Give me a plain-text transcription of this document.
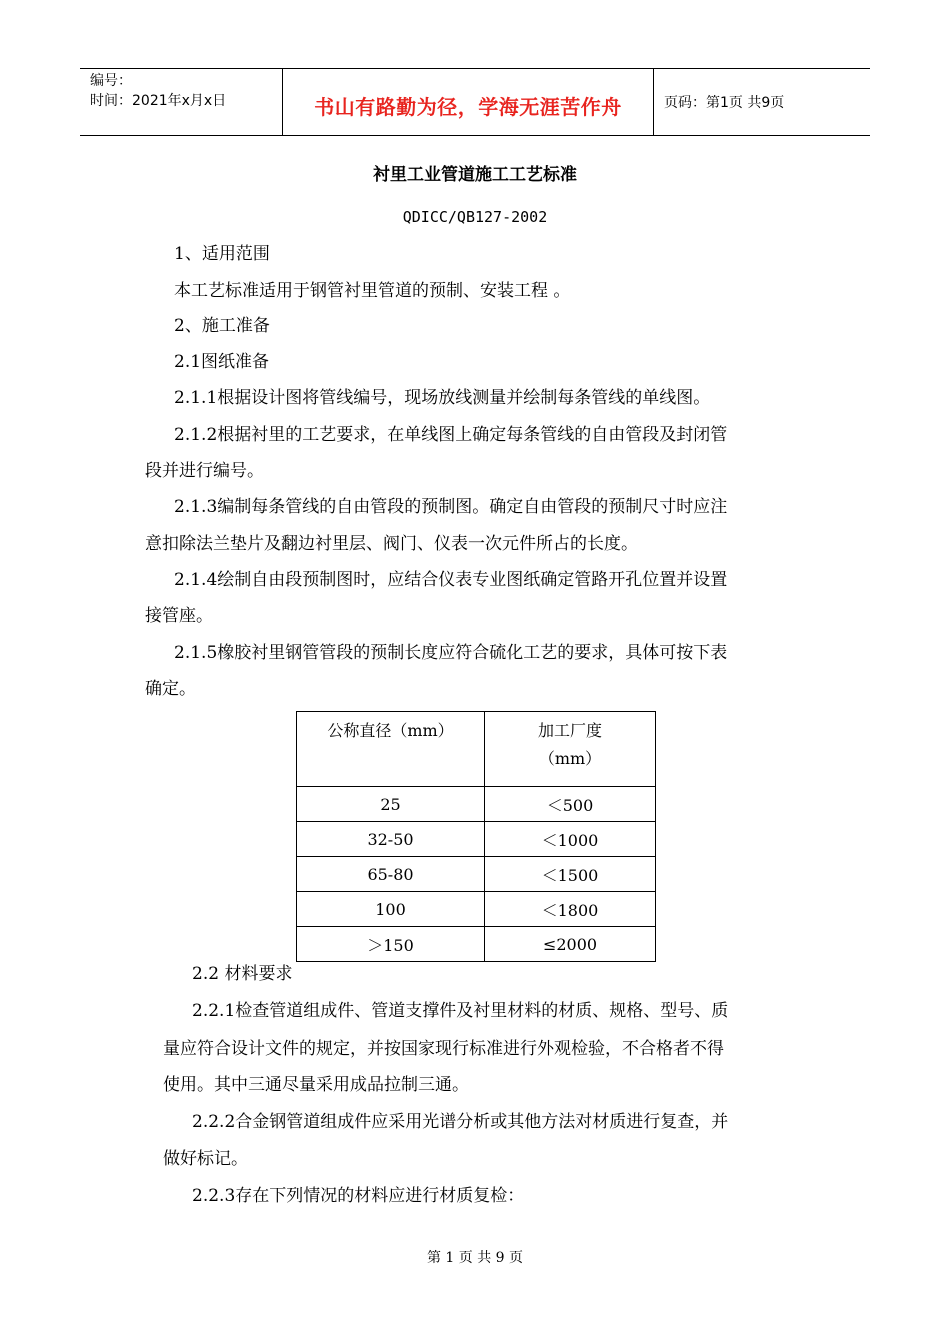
编号：
时间：2021年x月x日	书山有路勤为径，学海无涯苦作舟	页码：第1页 共9页
衬里工业管道施工工艺标准
QDICC/QB127-2002
1、适用范围
本工艺标准适用于钢管衬里管道的预制、安装工程 。
2、施工准备
2.1图纸准备
2.1.1根据设计图将管线编号，现场放线测量并绘制每条管线的单线图。
2.1.2根据衬里的工艺要求，在单线图上确定每条管线的自由管段及封闭管
段并进行编号。
2.1.3编制每条管线的自由管段的预制图。确定自由管段的预制尺寸时应注
意扣除法兰垫片及翻边衬里层、阀门、仪表一次元件所占的长度。
2.1.4绘制自由段预制图时，应结合仪表专业图纸确定管路开孔位置并设置
接管座。
2.1.5橡胶衬里钢管管段的预制长度应符合硫化工艺的要求，具体可按下表
确定。
公称直径（mm）	加工厂度
（mm）

25	＜500
32-50	＜1000
65-80	＜1500
100	＜1800
＞150	≤2000
2.2 材料要求
2.2.1检查管道组成件、管道支撑件及衬里材料的材质、规格、型号、质
量应符合设计文件的规定，并按国家现行标准进行外观检验，不合格者不得
使用。其中三通尽量采用成品拉制三通。
2.2.2合金钢管道组成件应采用光谱分析或其他方法对材质进行复查，并
做好标记。
2.2.3存在下列情况的材料应进行材质复检：
第 1 页 共 9 页
